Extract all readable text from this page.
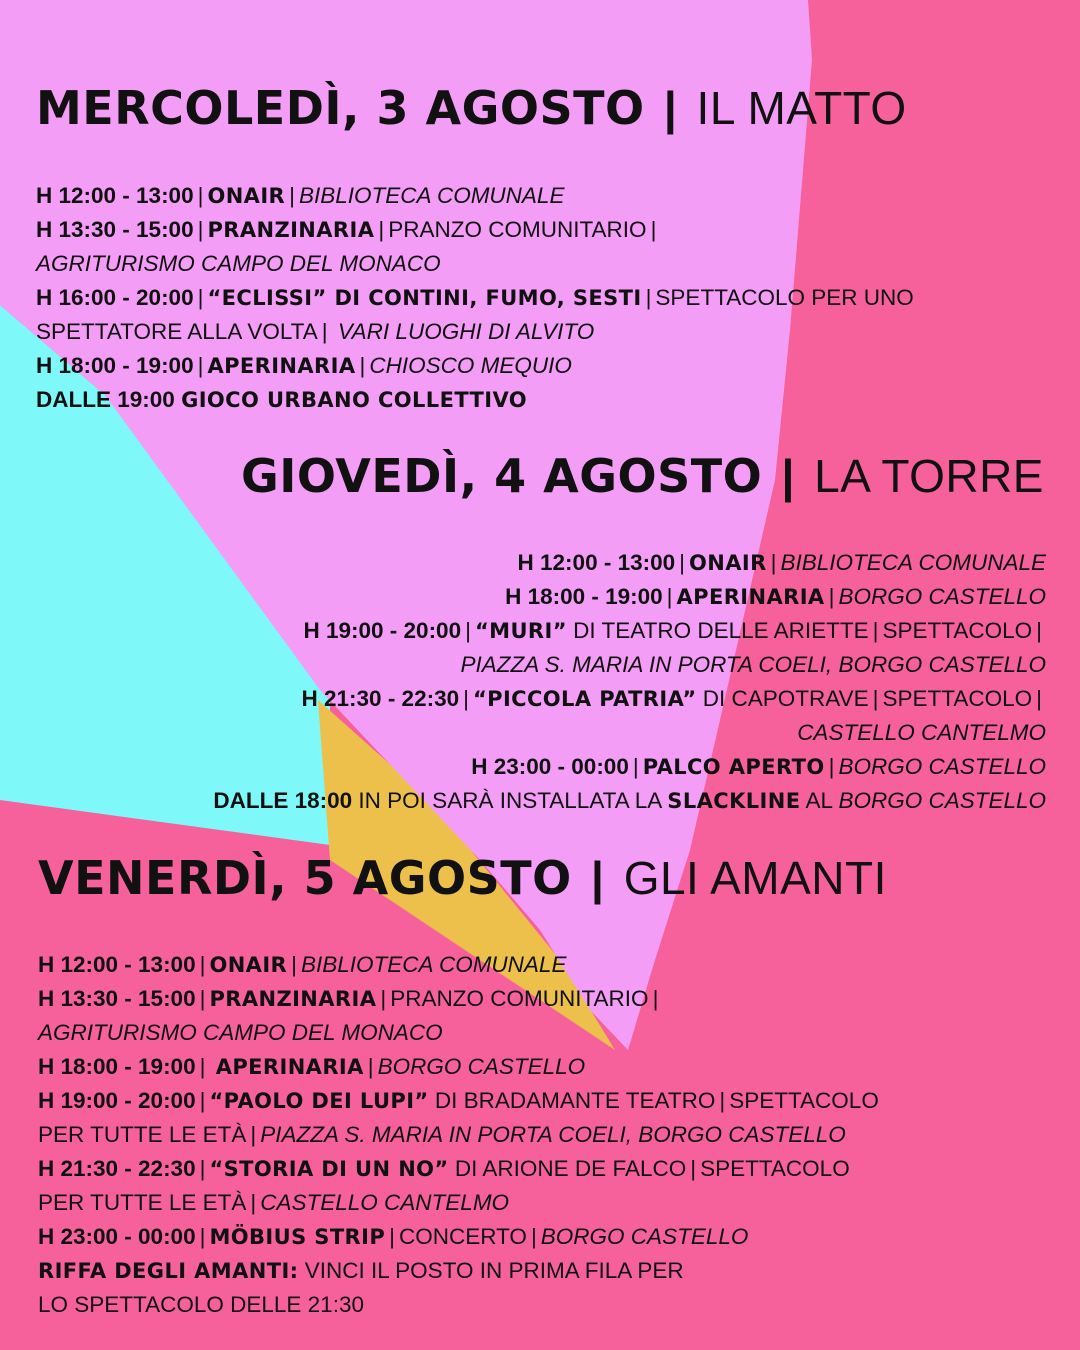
MERCOLEDÌ, 3 AGOSTO | IL MATTO
H 12:00 - 13:00 | ONAIR | BIBLIOTECA COMUNALE
H 13:30 - 15:00 | PRANZINARIA | PRANZO COMUNITARIO |
AGRITURISMO CAMPO DEL MONACO
H 16:00 - 20:00 | “ECLISSI” DI CONTINI, FUMO, SESTI | SPETTACOLO PER UNO
SPETTATORE ALLA VOLTA | VARI LUOGHI DI ALVITO
H 18:00 - 19:00 | APERINARIA | CHIOSCO MEQUIO
DALLE 19:00 GIOCO URBANO COLLETTIVO
GIOVEDÌ, 4 AGOSTO | LA TORRE
H 12:00 - 13:00 | ONAIR | BIBLIOTECA COMUNALE
H 18:00 - 19:00 | APERINARIA | BORGO CASTELLO
H 19:00 - 20:00 | “MURI” DI TEATRO DELLE ARIETTE | SPETTACOLO |
PIAZZA S. MARIA IN PORTA COELI, BORGO CASTELLO
H 21:30 - 22:30 | “PICCOLA PATRIA” DI CAPOTRAVE | SPETTACOLO |
CASTELLO CANTELMO
H 23:00 - 00:00 | PALCO APERTO | BORGO CASTELLO
DALLE 18:00 IN POI SARÀ INSTALLATA LA SLACKLINE AL BORGO CASTELLO
VENERDÌ, 5 AGOSTO | GLI AMANTI
H 12:00 - 13:00 | ONAIR | BIBLIOTECA COMUNALE
H 13:30 - 15:00 | PRANZINARIA | PRANZO COMUNITARIO |
AGRITURISMO CAMPO DEL MONACO
H 18:00 - 19:00 | APERINARIA | BORGO CASTELLO
H 19:00 - 20:00 | “PAOLO DEI LUPI” DI BRADAMANTE TEATRO | SPETTACOLO
PER TUTTE LE ETÀ | PIAZZA S. MARIA IN PORTA COELI, BORGO CASTELLO
H 21:30 - 22:30 | “STORIA DI UN NO” DI ARIONE DE FALCO | SPETTACOLO
PER TUTTE LE ETÀ | CASTELLO CANTELMO
H 23:00 - 00:00 | MÖBIUS STRIP | CONCERTO | BORGO CASTELLO
RIFFA DEGLI AMANTI: VINCI IL POSTO IN PRIMA FILA PER
LO SPETTACOLO DELLE 21:30
